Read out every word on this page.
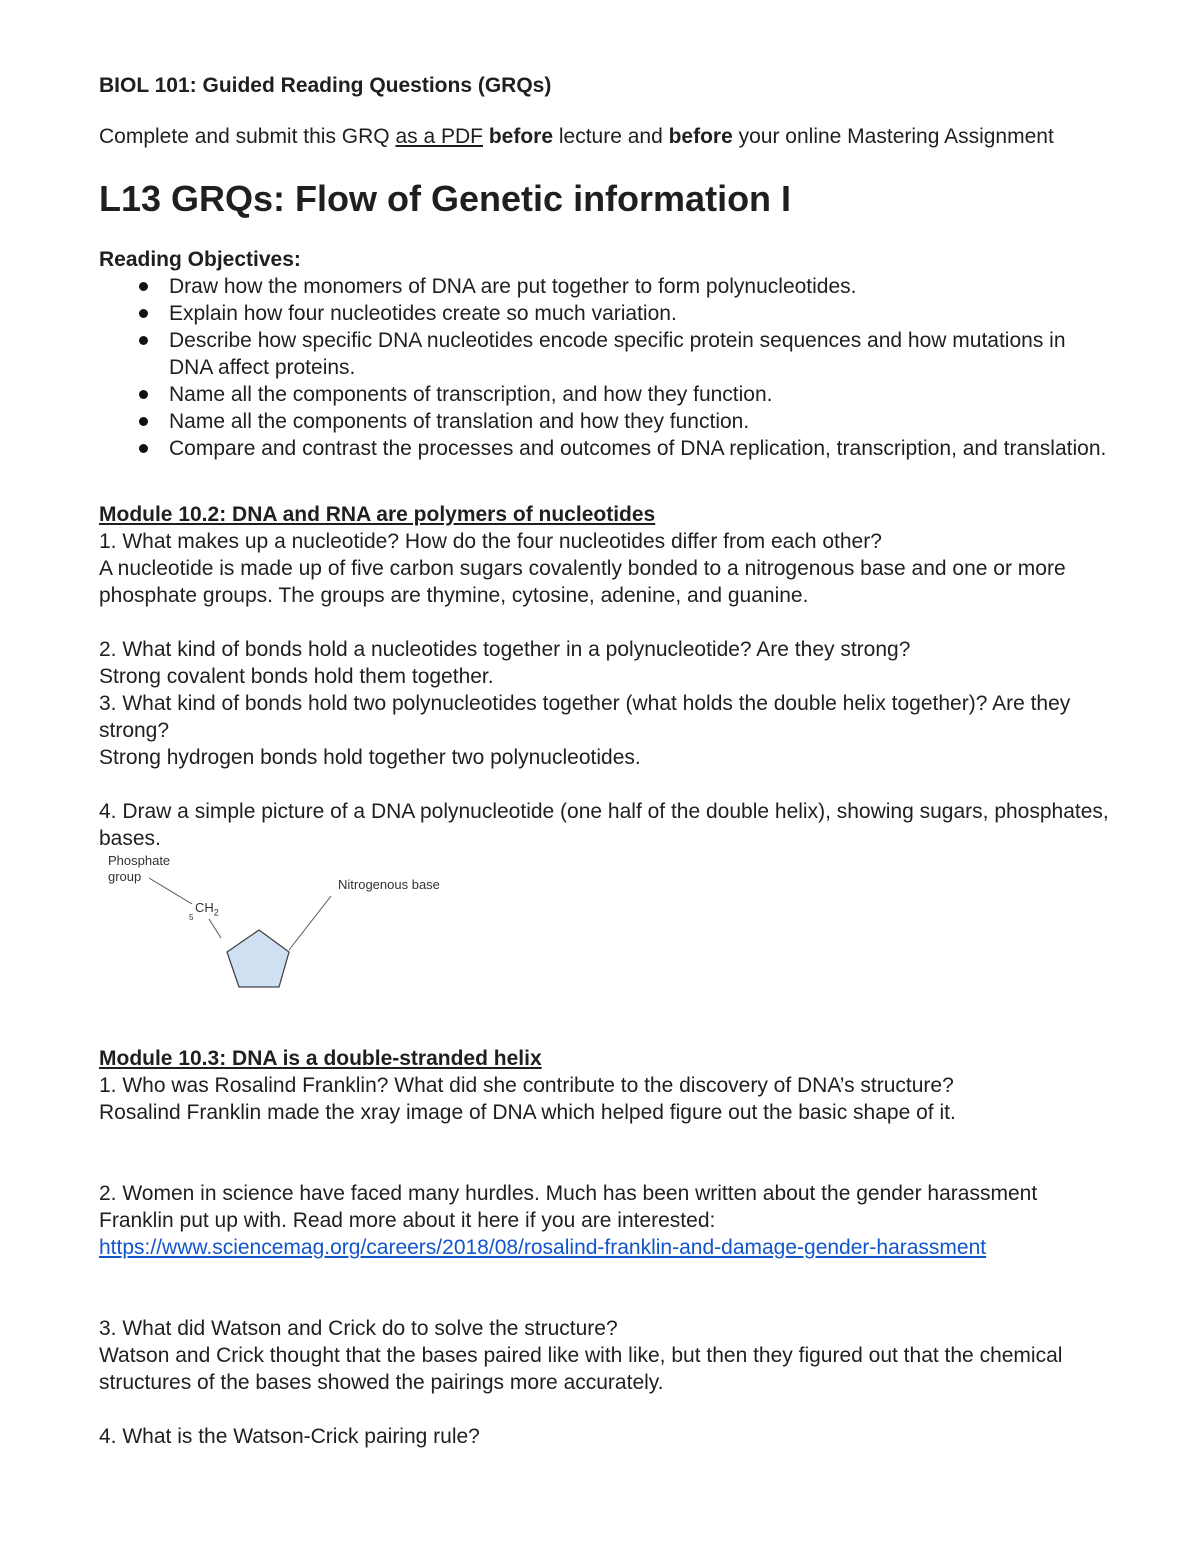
BIOL 101: Guided Reading Questions (GRQs)

Complete and submit this GRQ as a PDF before lecture and before your online Mastering Assignment
L13 GRQs: Flow of Genetic information I
Reading Objectives:
Draw how the monomers of DNA are put together to form polynucleotides.
Explain how four nucleotides create so much variation.
Describe how specific DNA nucleotides encode specific protein sequences and how mutations in DNA affect proteins.
Name all the components of transcription, and how they function.
Name all the components of translation and how they function.
Compare and contrast the processes and outcomes of DNA replication, transcription, and translation.
Module 10.2: DNA and RNA are polymers of nucleotides

1. What makes up a nucleotide? How do the four nucleotides differ from each other?

A nucleotide is made up of five carbon sugars covalently bonded to a nitrogenous base and one or more phosphate groups. The groups are thymine, cytosine, adenine, and guanine.

2. What kind of bonds hold a nucleotides together in a polynucleotide? Are they strong?

Strong covalent bonds hold them together.

3. What kind of bonds hold two polynucleotides together (what holds the double helix together)? Are they strong?

Strong hydrogen bonds hold together two polynucleotides.

4. Draw a simple picture of a DNA polynucleotide (one half of the double helix), showing sugars, phosphates, bases.

Phosphate
group
5
$CH_2$
Nitrogenous base
Module 10.3: DNA is a double-stranded helix

1. Who was Rosalind Franklin? What did she contribute to the discovery of DNA’s structure?

Rosalind Franklin made the xray image of DNA which helped figure out the basic shape of it.

2. Women in science have faced many hurdles. Much has been written about the gender harassment Franklin put up with. Read more about it here if you are interested:

https://www.sciencemag.org/careers/2018/08/rosalind-franklin-and-damage-gender-harassment

3. What did Watson and Crick do to solve the structure?

Watson and Crick thought that the bases paired like with like, but then they figured out that the chemical structures of the bases showed the pairings more accurately.

4. What is the Watson-Crick pairing rule?
